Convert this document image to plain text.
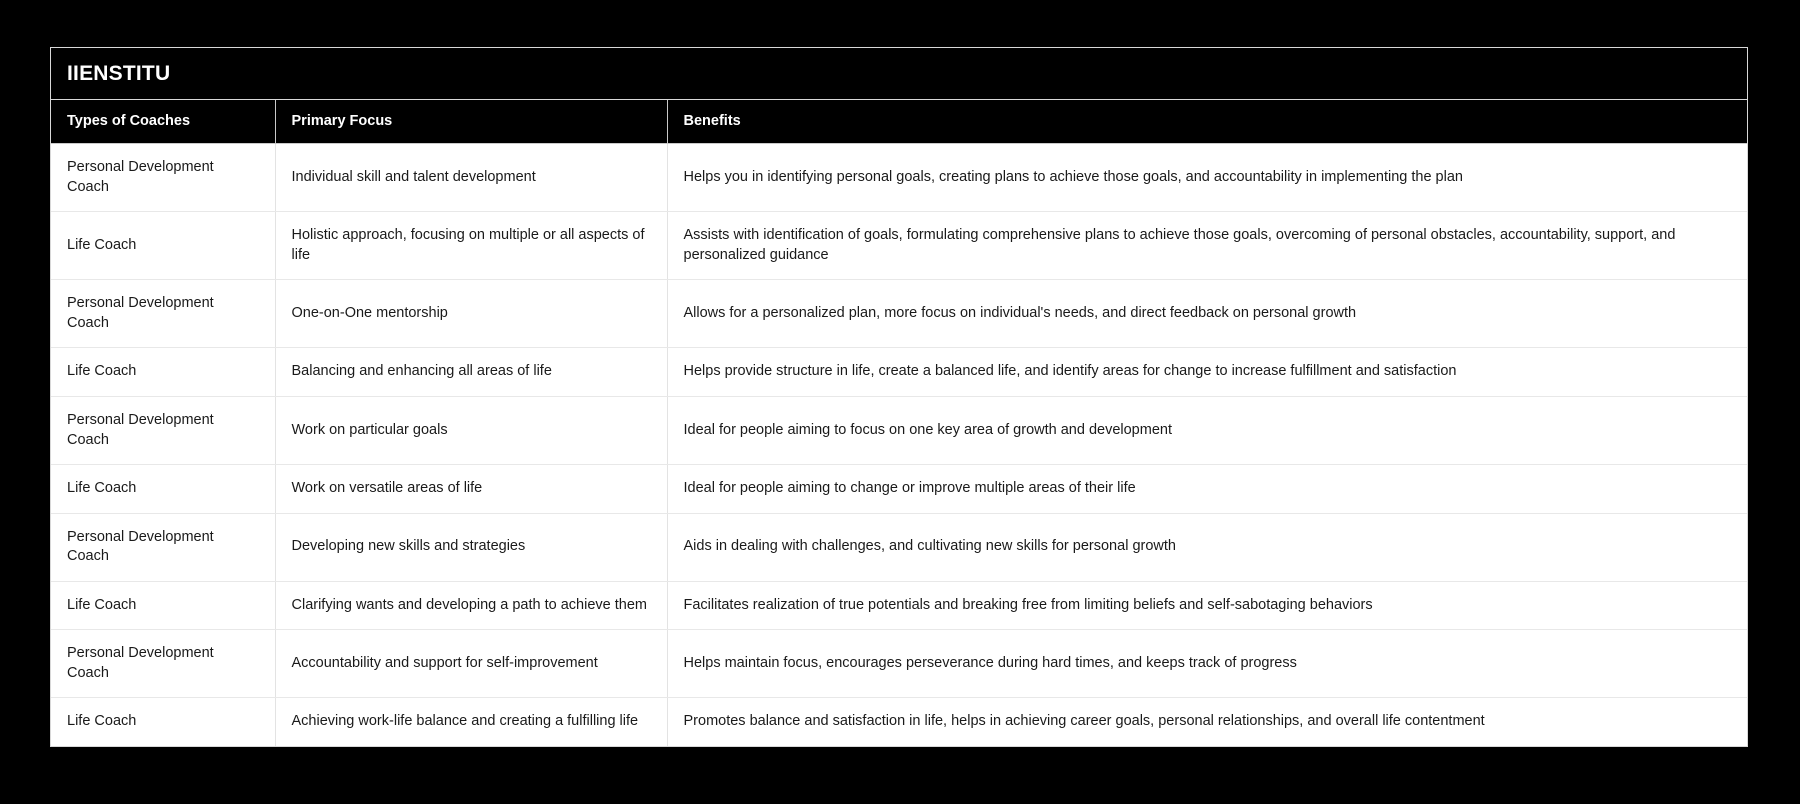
IIENSTITU
Types of Coaches	Primary Focus	Benefits
Personal Development Coach	Individual skill and talent development	Helps you in identifying personal goals, creating plans to achieve those goals, and accountability in implementing the plan
Life Coach	Holistic approach, focusing on multiple or all aspects of life	Assists with identification of goals, formulating comprehensive plans to achieve those goals, overcoming of personal obstacles, accountability, support, and personalized guidance
Personal Development Coach	One-on-One mentorship	Allows for a personalized plan, more focus on individual's needs, and direct feedback on personal growth
Life Coach	Balancing and enhancing all areas of life	Helps provide structure in life, create a balanced life, and identify areas for change to increase fulfillment and satisfaction
Personal Development Coach	Work on particular goals	Ideal for people aiming to focus on one key area of growth and development
Life Coach	Work on versatile areas of life	Ideal for people aiming to change or improve multiple areas of their life
Personal Development Coach	Developing new skills and strategies	Aids in dealing with challenges, and cultivating new skills for personal growth
Life Coach	Clarifying wants and developing a path to achieve them	Facilitates realization of true potentials and breaking free from limiting beliefs and self-sabotaging behaviors
Personal Development Coach	Accountability and support for self-improvement	Helps maintain focus, encourages perseverance during hard times, and keeps track of progress
Life Coach	Achieving work-life balance and creating a fulfilling life	Promotes balance and satisfaction in life, helps in achieving career goals, personal relationships, and overall life contentment
